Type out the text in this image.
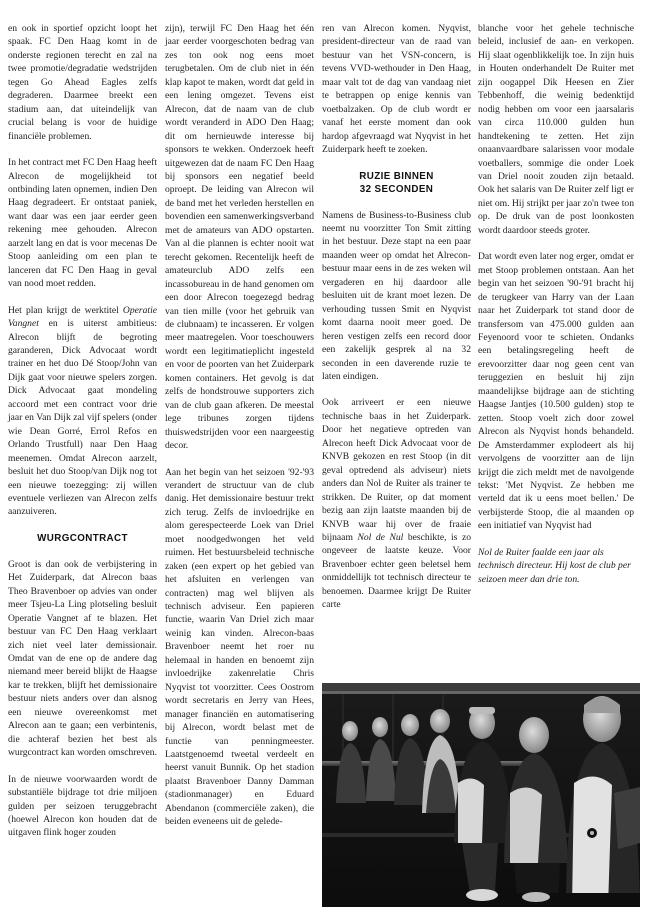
en ook in sportief opzicht loopt het spaak. FC Den Haag komt in de onderste regionen terecht en zal na twee promotie/degradatie wedstrijden tegen Go Ahead Eagles zelfs degraderen. Daarmee breekt een stadium aan, dat uiteindelijk van crucial belang is voor de huidige financiële problemen.

In het contract met FC Den Haag heeft Alrecon de mogelijkheid tot ontbinding laten opnemen, indien Den Haag degradeert. Er ontstaat paniek, want daar was een jaar eerder geen rekening mee gehouden. Alrecon aarzelt lang en dat is voor mecenas De Stoop aanleiding om een plan te lanceren dat FC Den Haag in geval van nood moet redden.

Het plan krijgt de werktitel Operatie Vangnet en is uiterst ambitieus: Alrecon blijft de begroting garanderen, Dick Advocaat wordt trainer en het duo Dé Stoop/John van Dijk gaat voor nieuwe spelers zorgen. Dick Advocaat gaat mondeling accoord met een contract voor drie jaar en Van Dijk zal vijf spelers (onder wie Dean Gorré, Errol Refos en Orlando Trustfull) naar Den Haag meenemen. Omdat Alrecon aarzelt, besluit het duo Stoop/van Dijk nog tot een nieuwe toezegging: zij willen eventuele verliezen van Alrecon zelfs aanzuiveren.

WURGCONTRACT

Groot is dan ook de verbijstering in Het Zuiderpark, dat Alrecon baas Theo Bravenboer op advies van onder meer Tsjeu-La Ling plotseling besluit Operatie Vangnet af te blazen. Het bestuur van FC Den Haag verklaart zich niet veel later demissionair. Omdat van de ene op de andere dag niemand meer bereid blijkt de Haagse kar te trekken, blijft het demissionaire bestuur niets anders over dan alsnog een nieuwe overeenkomst met Alrecon aan te gaan; een verbintenis, die achteraf bezien het best als wurgcontract kan worden omschreven.

In de nieuwe voorwaarden wordt de substantiële bijdrage tot drie miljoen gulden per seizoen teruggebracht (hoewel Alrecon kon houden dat de uitgaven flink hoger zouden

zijn), terwijl FC Den Haag het één jaar eerder voorgeschoten bedrag van zes ton ook nog eens moet terugbetalen. Om de club niet in één klap kapot te maken, wordt dat geld in een lening omgezet. Tevens eist Alrecon, dat de naam van de club wordt veranderd in ADO Den Haag; dit om hernieuwde interesse bij sponsors te wekken. Onderzoek heeft uitgewezen dat de naam FC Den Haag bij sponsors een negatief beeld oproept. De leiding van Alrecon wil de band met het verleden herstellen en bovendien een samenwerkingsverband met de amateurs van ADO opstarten. Van al die plannen is echter nooit wat terecht gekomen. Recentelijk heeft de amateurclub ADO zelfs een incassobureau in de hand genomen om een door Alrecon toegezegd bedrag van tien mille (voor het gebruik van de clubnaam) te incasseren. Er volgen meer maatregelen. Voor toeschouwers wordt een legitimatieplicht ingesteld en voor de poorten van het Zuiderpark komen containers. Het gevolg is dat zelfs de hondstrouwe supporters zich van de club gaan afkeren. De meestal lege tribunes zorgen tijdens thuiswedstrijden voor een naargeestig decor.

Aan het begin van het seizoen '92-'93 verandert de structuur van de club danig. Het demissionaire bestuur trekt zich terug. Zelfs de invloedrijke en alom gerespecteerde Loek van Driel moet noodgedwongen het veld ruimen. Het bestuursbeleid technische zaken (een expert op het gebied van het afsluiten en verlengen van contracten) mag wel blijven als technisch adviseur. Een papieren functie, waarin Van Driel zich maar weinig kan vinden. Alrecon-baas Bravenboer neemt het roer nu helemaal in handen en benoemt zijn invloedrijke zakenrelatie Chris Nyqvist tot voorzitter. Cees Oostrom wordt secretaris en Jerry van Hees, manager financiën en automatisering bij Alrecon, wordt belast met de functie van penningmeester. Laatstgenoemd tweetal verdeelt en heerst vanuit Bunnik. Op het stadion plaatst Bravenboer Danny Damman (stadionmanager) en Eduard Abendanon (commerciële zaken), die beiden eveneens uit de gelede-

ren van Alrecon komen. Nyqvist, president-directeur van de raad van bestuur van het VSN-concern, is tevens VVD-wethouder in Den Haag, maar valt tot de dag van vandaag niet te betrappen op enige kennis van voetbalzaken. Op de club wordt er vanaf het eerste moment dan ook hardop afgevraagd wat Nyqvist in het Zuiderpark heeft te zoeken.

RUZIE BINNEN
32 SECONDEN

Namens de Business-to-Business club neemt nu voorzitter Ton Smit zitting in het bestuur. Deze stapt na een paar maanden weer op omdat het Alrecon-bestuur maar eens in de zes weken wil vergaderen en hij daardoor alle besluiten uit de krant moet lezen. De verhouding tussen Smit en Nyqvist komt daarna nooit meer goed. De heren vestigen zelfs een record door een zakelijk gesprek al na 32 seconden in een daverende ruzie te laten eindigen.

Ook arriveert er een nieuwe technische baas in het Zuiderpark. Door het negatieve optreden van Alrecon heeft Dick Advocaat voor de KNVB gekozen en rest Stoop (in dit geval optredend als adviseur) niets anders dan Nol de Ruiter als trainer te strikken. De Ruiter, op dat moment bezig aan zijn laatste maanden bij de KNVB waar hij over de fraaie bijnaam Nol de Nul beschikte, is zo ongeveer de laatste keuze. Voor Bravenboer echter geen beletsel hem onmiddellijk tot technisch directeur te benoemen. Daarmee krijgt De Ruiter carte

blanche voor het gehele technische beleid, inclusief de aan- en verkopen. Hij slaat ogenblikkelijk toe. In zijn huis in Houten onderhandelt De Ruiter met zijn oogappel Dik Heesen en Zier Tebbenhoff, die weinig bedenktijd nodig hebben om voor een jaarsalaris van circa 110.000 gulden hun handtekening te zetten. Het zijn onaanvaardbare salarissen voor modale voetballers, sommige die onder Loek van Driel nooit zouden zijn betaald. Ook het salaris van De Ruiter zelf ligt er niet om. Hij strijkt per jaar zo'n twee ton op. De druk van de post loonkosten wordt daardoor steeds groter.

Dat wordt even later nog erger, omdat er met Stoop problemen ontstaan. Aan het begin van het seizoen '90-'91 bracht hij de terugkeer van Harry van der Laan naar het Zuiderpark tot stand door de transfersom van 475.000 gulden aan Feyenoord voor te schieten. Ondanks een betalingsregeling heeft de erevoorzitter daar nog geen cent van teruggezien en besluit hij zijn maandelijkse bijdrage aan de stichting Haagse Jantjes (10.500 gulden) stop te zetten. Stoop voelt zich door zowel Alrecon als Nyqvist honds behandeld. De Amsterdammer explodeert als hij vervolgens de voorzitter aan de lijn krijgt die zich meldt met de navolgende tekst: 'Met Nyqvist. Ze hebben me verteld dat ik u eens moet bellen.' De verbijsterde Stoop, die al maanden op een initiatief van Nyqvist had

Nol de Ruiter faalde een jaar als technisch directeur. Hij kost de club per seizoen meer dan drie ton.
